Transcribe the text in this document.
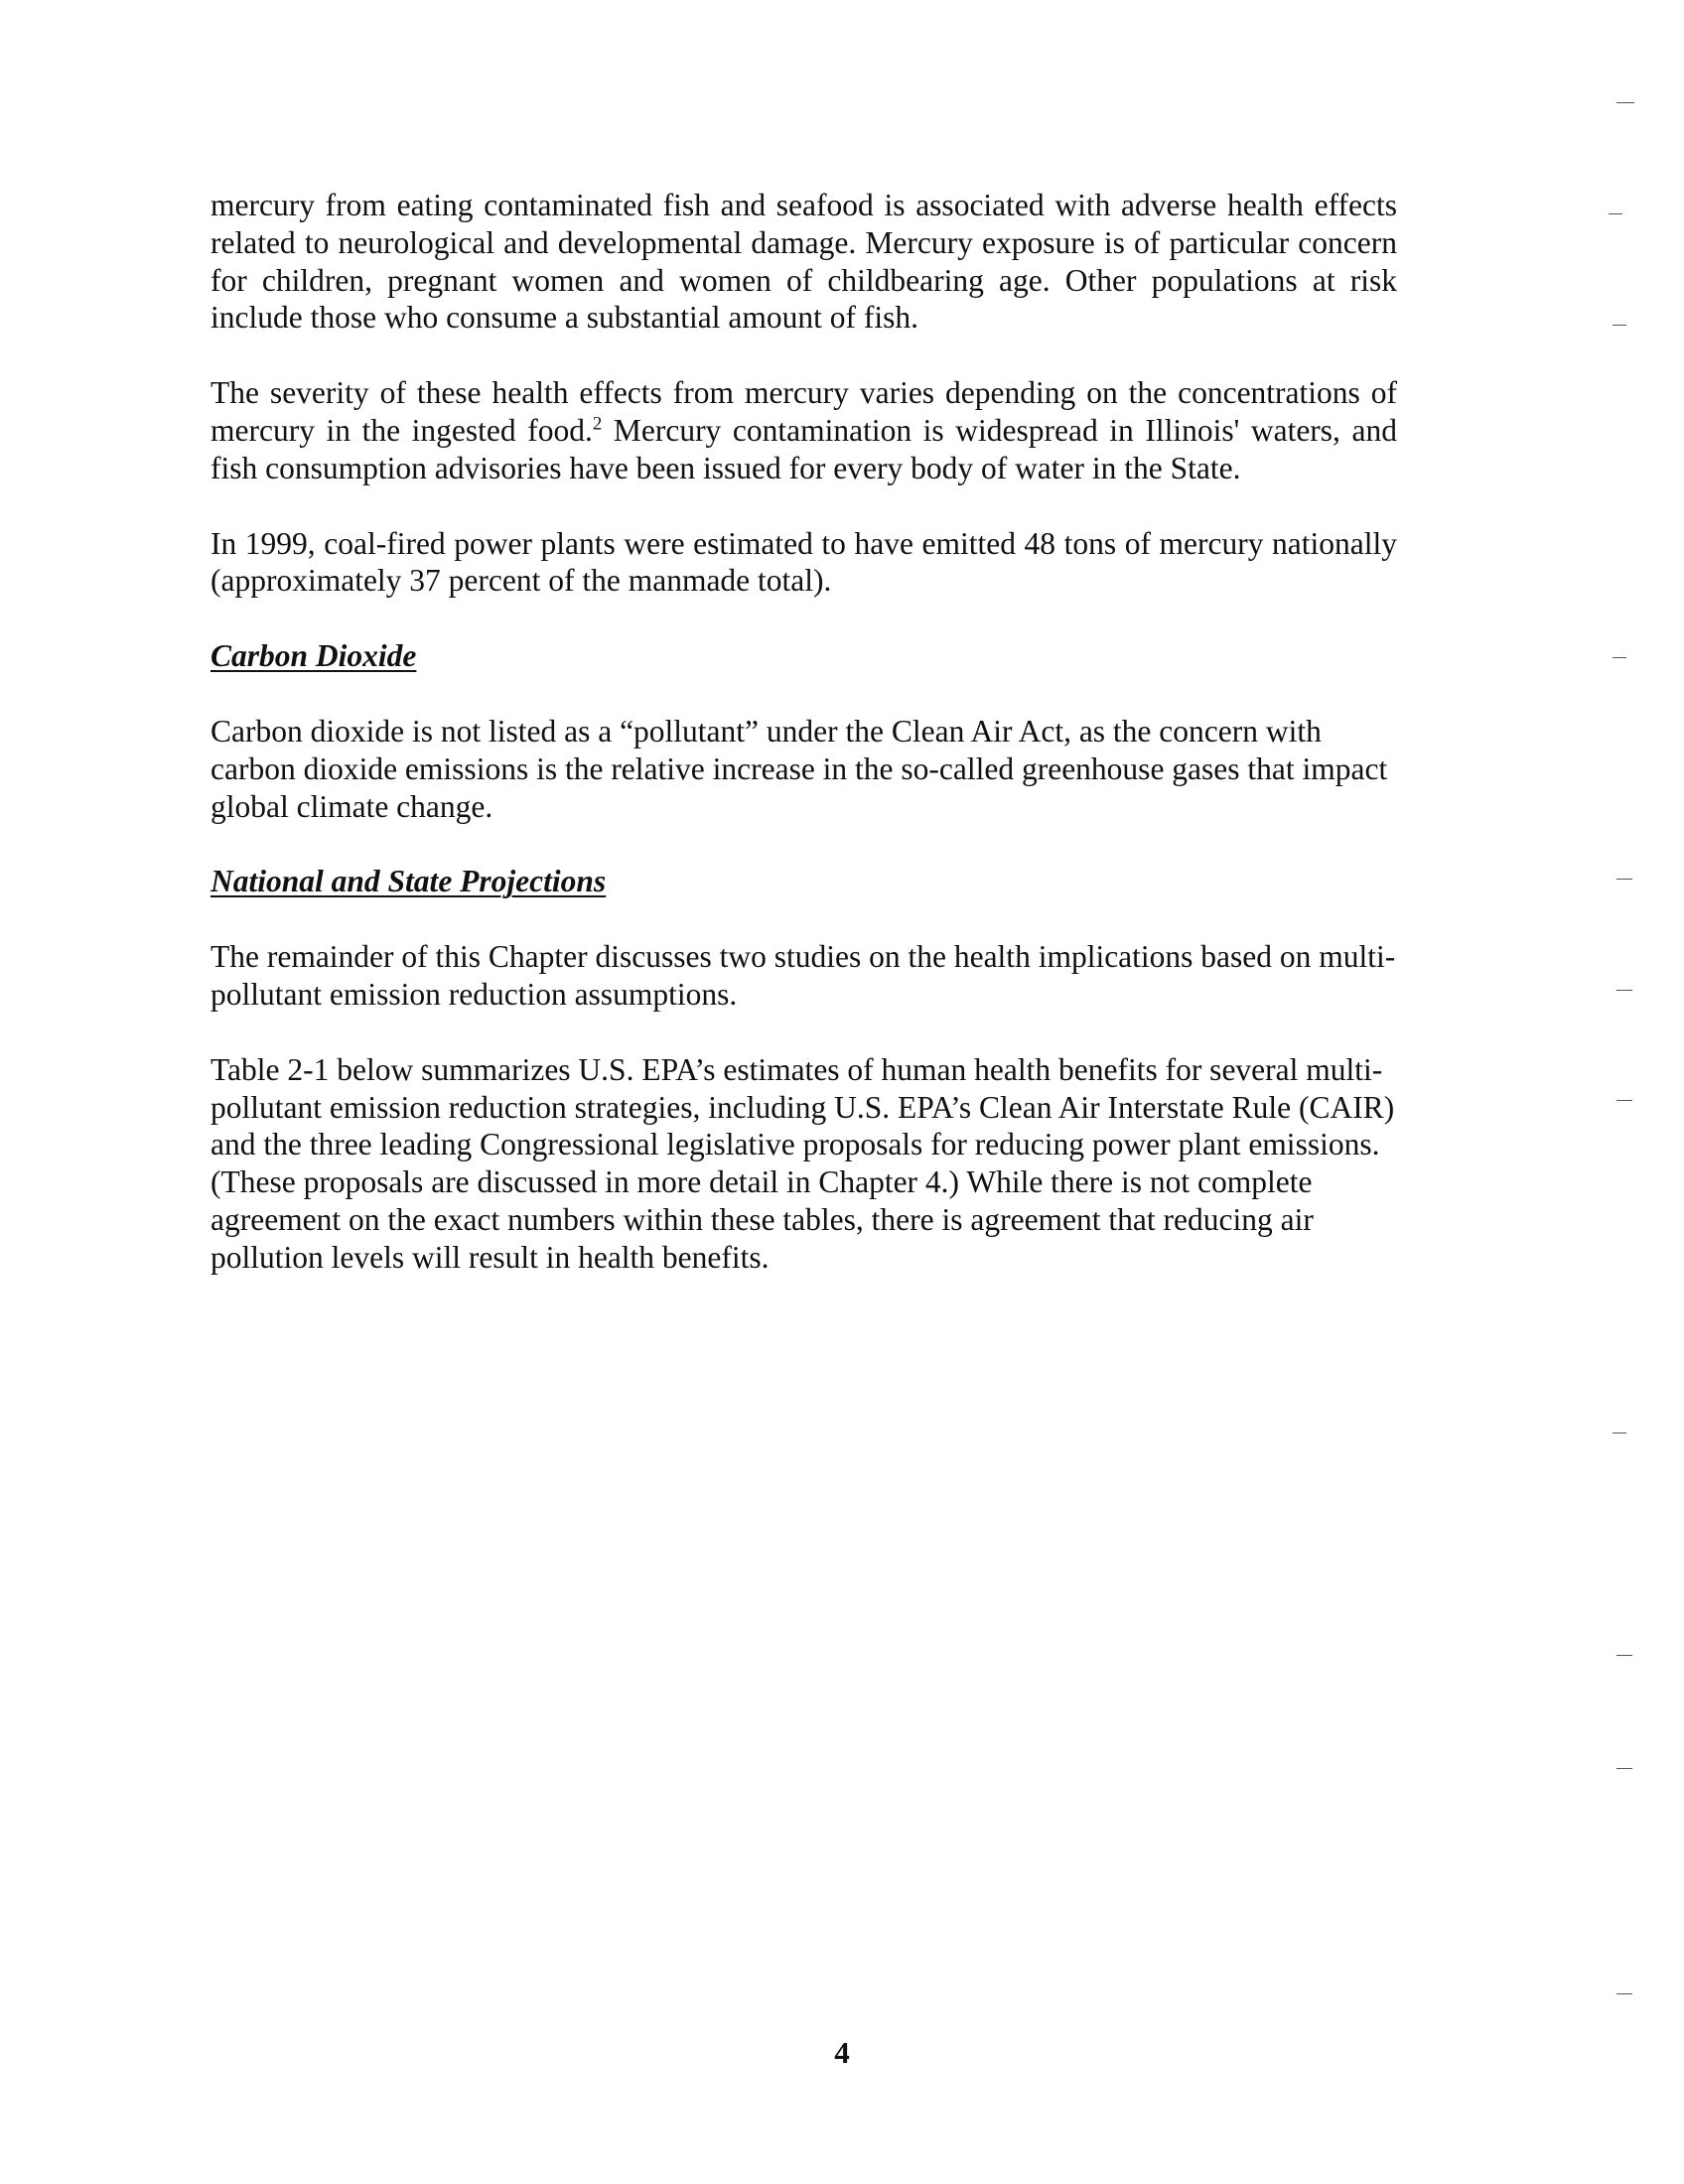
mercury from eating contaminated fish and seafood is associated with adverse health effects related to neurological and developmental damage. Mercury exposure is of particular concern for children, pregnant women and women of childbearing age. Other populations at risk include those who consume a substantial amount of fish.

The severity of these health effects from mercury varies depending on the concentrations of mercury in the ingested food.$^2$ Mercury contamination is widespread in Illinois' waters, and fish consumption advisories have been issued for every body of water in the State.

In 1999, coal-fired power plants were estimated to have emitted 48 tons of mercury nationally (approximately 37 percent of the manmade total).

Carbon Dioxide

Carbon dioxide is not listed as a “pollutant” under the Clean Air Act, as the concern with carbon dioxide emissions is the relative increase in the so-called greenhouse gases that impact global climate change.

National and State Projections

The remainder of this Chapter discusses two studies on the health implications based on multi-pollutant emission reduction assumptions.

Table 2-1 below summarizes U.S. EPA’s estimates of human health benefits for several multi-pollutant emission reduction strategies, including U.S. EPA’s Clean Air Interstate Rule (CAIR) and the three leading Congressional legislative proposals for reducing power plant emissions. (These proposals are discussed in more detail in Chapter 4.) While there is not complete agreement on the exact numbers within these tables, there is agreement that reducing air pollution levels will result in health benefits.

4
